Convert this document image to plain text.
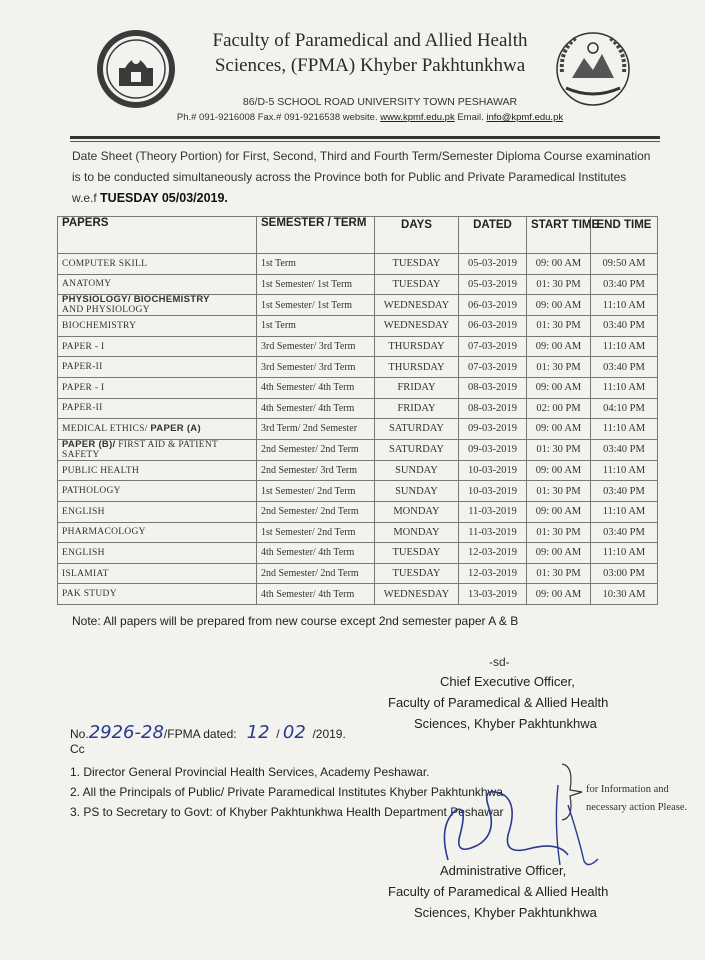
Faculty of Paramedical and Allied Health
Sciences, (FPMA) Khyber Pakhtunkhwa
86/D-5 SCHOOL ROAD UNIVERSITY TOWN PESHAWAR
Ph.# 091-9216008 Fax.# 091-9216538 website. www.kpmf.edu.pk Email. info@kpmf.edu.pk
Date Sheet (Theory Portion) for First, Second, Third and Fourth Term/Semester Diploma Course examination is to be conducted simultaneously across the Province both for Public and Private Paramedical Institutes w.e.f TUESDAY 05/03/2019.
PAPERS	SEMESTER / TERM	DAYS	DATED	START TIME	END TIME
COMPUTER SKILL	1st Term	TUESDAY	05-03-2019	09: 00 AM	09:50 AM
ANATOMY	1st Semester/ 1st Term	TUESDAY	05-03-2019	01: 30 PM	03:40 PM
PHYSIOLOGY/ BIOCHEMISTRY
AND PHYSIOLOGY	1st Semester/ 1st Term	WEDNESDAY	06-03-2019	09: 00 AM	11:10 AM
BIOCHEMISTRY	1st Term	WEDNESDAY	06-03-2019	01: 30 PM	03:40 PM
PAPER - I	3rd Semester/ 3rd Term	THURSDAY	07-03-2019	09: 00 AM	11:10 AM
PAPER-II	3rd Semester/ 3rd Term	THURSDAY	07-03-2019	01: 30 PM	03:40 PM
PAPER - I	4th Semester/ 4th Term	FRIDAY	08-03-2019	09: 00 AM	11:10 AM
PAPER-II	4th Semester/ 4th Term	FRIDAY	08-03-2019	02: 00 PM	04:10 PM
MEDICAL ETHICS/ PAPER (A)	3rd Term/ 2nd Semester	SATURDAY	09-03-2019	09: 00 AM	11:10 AM
PAPER (B)/ FIRST AID & PATIENT
SAFETY	2nd Semester/ 2nd Term	SATURDAY	09-03-2019	01: 30 PM	03:40 PM
PUBLIC HEALTH	2nd Semester/ 3rd Term	SUNDAY	10-03-2019	09: 00 AM	11:10 AM
PATHOLOGY	1st Semester/ 2nd Term	SUNDAY	10-03-2019	01: 30 PM	03:40 PM
ENGLISH	2nd Semester/ 2nd Term	MONDAY	11-03-2019	09: 00 AM	11:10 AM
PHARMACOLOGY	1st Semester/ 2nd Term	MONDAY	11-03-2019	01: 30 PM	03:40 PM
ENGLISH	4th Semester/ 4th Term	TUESDAY	12-03-2019	09: 00 AM	11:10 AM
ISLAMIAT	2nd Semester/ 2nd Term	TUESDAY	12-03-2019	01: 30 PM	03:00 PM
PAK STUDY	4th Semester/ 4th Term	WEDNESDAY	13-03-2019	09: 00 AM	10:30 AM
Note: All papers will be prepared from new course except 2nd semester paper A & B
-sd-
Chief Executive Officer,
Faculty of Paramedical & Allied Health
Sciences, Khyber Pakhtunkhwa
No.2926-28/FPMA dated: 12  / 02 /2019.
Cc
1. Director General Provincial Health Services, Academy Peshawar.
2. All the Principals of Public/ Private Paramedical Institutes Khyber Pakhtunkhwa.
3. PS to Secretary to Govt: of Khyber Pakhtunkhwa Health Department Peshawar
for Information and
necessary action Please.
Administrative Officer,
Faculty of Paramedical & Allied Health
Sciences, Khyber Pakhtunkhwa
